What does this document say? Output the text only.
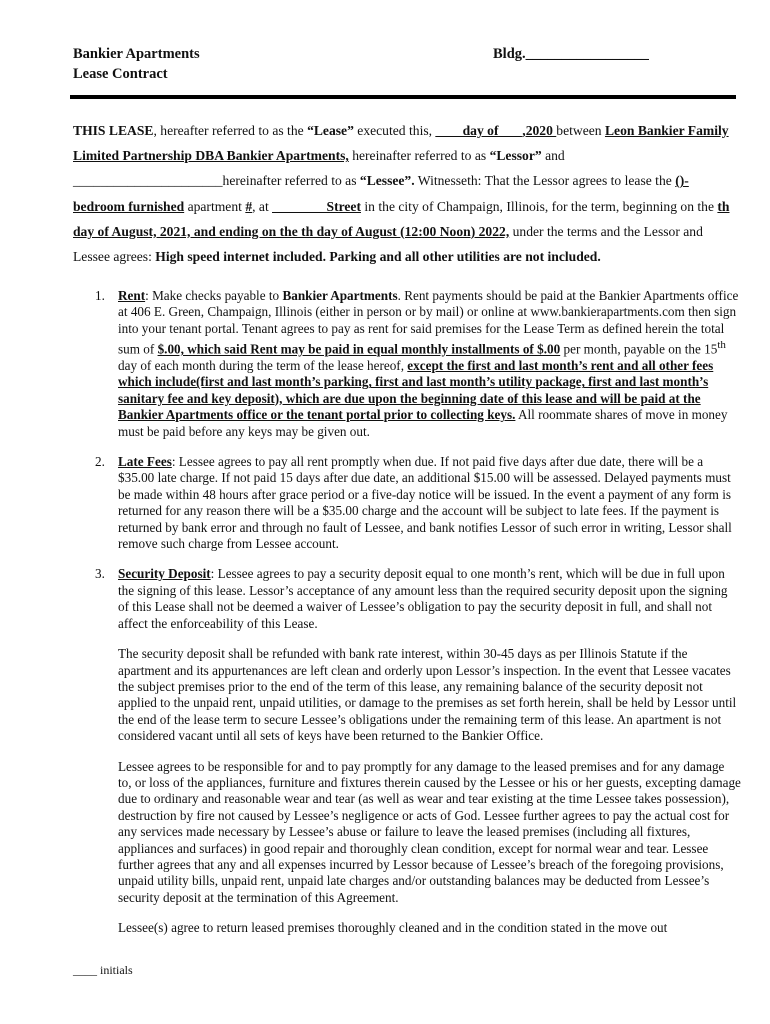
Bankier Apartments
Lease Contract
Bldg._________________

THIS LEASE, hereafter referred to as the “Lease” executed this, ____day of ___,2020 between Leon Bankier Family Limited Partnership DBA Bankier Apartments, hereinafter referred to as “Lessor” and ______________________hereinafter referred to as “Lessee”. Witnesseth: That the Lessor agrees to lease the ()-bedroom furnished apartment #, at ________Street in the city of Champaign, Illinois, for the term, beginning on the th day of August, 2021, and ending on the th day of August (12:00 Noon) 2022, under the terms and the Lessor and Lessee agrees: High speed internet included. Parking and all other utilities are not included.

1. Rent: Make checks payable to Bankier Apartments. Rent payments should be paid at the Bankier Apartments office at 406 E. Green, Champaign, Illinois (either in person or by mail) or online at www.bankierapartments.com then sign into your tenant portal. Tenant agrees to pay as rent for said premises for the Lease Term as defined herein the total sum of $.00, which said Rent may be paid in equal monthly installments of $.00 per month, payable on the 15th day of each month during the term of the lease hereof, except the first and last month’s rent and all other fees which include(first and last month’s parking, first and last month’s utility package, first and last month’s sanitary fee and key deposit), which are due upon the beginning date of this lease and will be paid at the Bankier Apartments office or the tenant portal prior to collecting keys. All roommate shares of move in money must be paid before any keys may be given out.
2. Late Fees: Lessee agrees to pay all rent promptly when due. If not paid five days after due date, there will be a $35.00 late charge. If not paid 15 days after due date, an additional $15.00 will be assessed. Delayed payments must be made within 48 hours after grace period or a five-day notice will be issued. In the event a payment of any form is returned for any reason there will be a $35.00 charge and the account will be subject to late fees. If the payment is returned by bank error and through no fault of Lessee, and bank notifies Lessor of such error in writing, Lessor shall remove such charge from Lessee account.
3. Security Deposit: Lessee agrees to pay a security deposit equal to one month’s rent, which will be due in full upon the signing of this lease. Lessor’s acceptance of any amount less than the required security deposit upon the signing of this Lease shall not be deemed a waiver of Lessee’s obligation to pay the security deposit in full, and shall not affect the enforceability of this Lease.

The security deposit shall be refunded with bank rate interest, within 30-45 days as per Illinois Statute if the apartment and its appurtenances are left clean and orderly upon Lessor’s inspection. In the event that Lessee vacates the subject premises prior to the end of the term of this lease, any remaining balance of the security deposit not applied to the unpaid rent, unpaid utilities, or damage to the premises as set forth herein, shall be held by Lessor until the end of the lease term to secure Lessee’s obligations under the remaining term of this lease. An apartment is not considered vacant until all sets of keys have been returned to the Bankier Office.

Lessee agrees to be responsible for and to pay promptly for any damage to the leased premises and for any damage to, or loss of the appliances, furniture and fixtures therein caused by the Lessee or his or her guests, excepting damage due to ordinary and reasonable wear and tear (as well as wear and tear existing at the time Lessee takes possession), destruction by fire not caused by Lessee’s negligence or acts of God. Lessee further agrees to pay the actual cost for any services made necessary by Lessee’s abuse or failure to leave the leased premises (including all fixtures, appliances and surfaces) in good repair and thoroughly clean condition, except for normal wear and tear. Lessee further agrees that any and all expenses incurred by Lessor because of Lessee’s breach of the foregoing provisions, unpaid utility bills, unpaid rent, unpaid late charges and/or outstanding balances may be deducted from Lessee’s security deposit at the termination of this Agreement.

Lessee(s) agree to return leased premises thoroughly cleaned and in the condition stated in the move out

____ initials
